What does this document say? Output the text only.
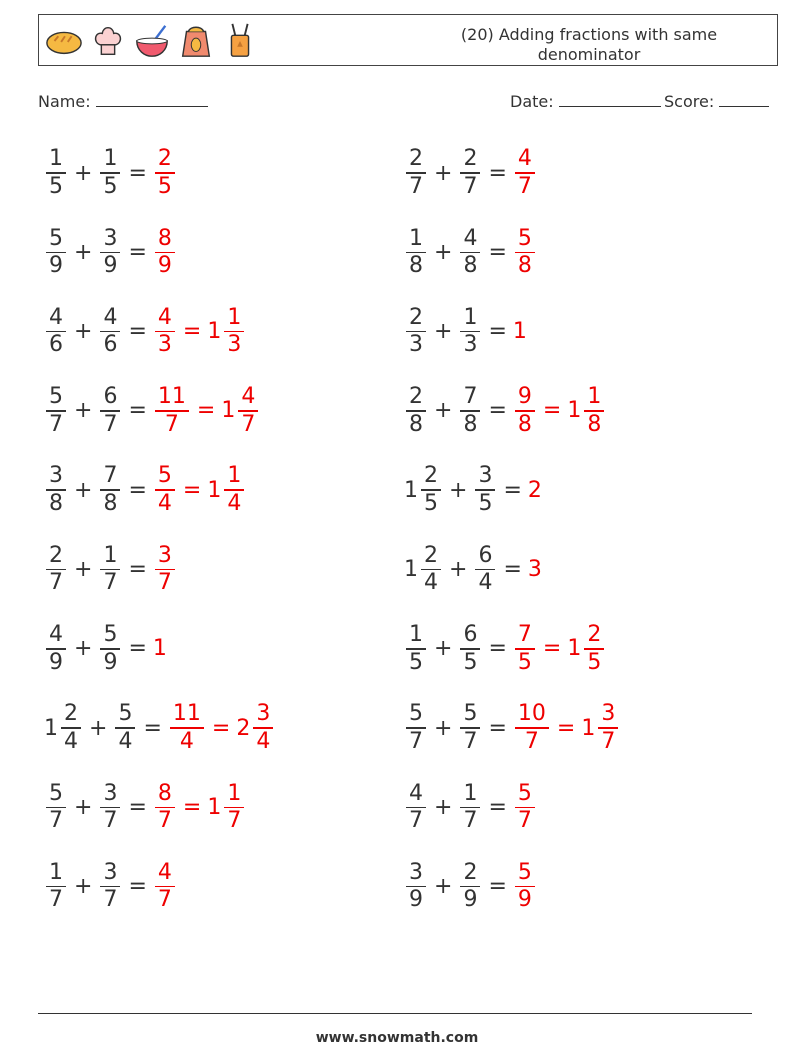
(20) Adding fractions with same denominator
Name:	Date:	Score:
$\frac{1}{5} + \frac{1}{5} = \frac{2}{5}$	$\frac{2}{7} + \frac{2}{7} = \frac{4}{7}$
$\frac{5}{9} + \frac{3}{9} = \frac{8}{9}$	$\frac{1}{8} + \frac{4}{8} = \frac{5}{8}$
$\frac{4}{6} + \frac{4}{6} = \frac{4}{3} = 1 \frac{1}{3}$	$\frac{2}{3} + \frac{1}{3} = 1$
$\frac{5}{7} + \frac{6}{7} = \frac{11}{7} = 1 \frac{4}{7}$	$\frac{2}{8} + \frac{7}{8} = \frac{9}{8} = 1 \frac{1}{8}$
$\frac{3}{8} + \frac{7}{8} = \frac{5}{4} = 1 \frac{1}{4}$	$1 \frac{2}{5} + \frac{3}{5} = 2$
$\frac{2}{7} + \frac{1}{7} = \frac{3}{7}$	$1 \frac{2}{4} + \frac{6}{4} = 3$
$\frac{4}{9} + \frac{5}{9} = 1$	$\frac{1}{5} + \frac{6}{5} = \frac{7}{5} = 1 \frac{2}{5}$
$1 \frac{2}{4} + \frac{5}{4} = \frac{11}{4} = 2 \frac{3}{4}$	$\frac{5}{7} + \frac{5}{7} = \frac{10}{7} = 1 \frac{3}{7}$
$\frac{5}{7} + \frac{3}{7} = \frac{8}{7} = 1 \frac{1}{7}$	$\frac{4}{7} + \frac{1}{7} = \frac{5}{7}$
$\frac{1}{7} + \frac{3}{7} = \frac{4}{7}$	$\frac{3}{9} + \frac{2}{9} = \frac{5}{9}$
www.snowmath.com
